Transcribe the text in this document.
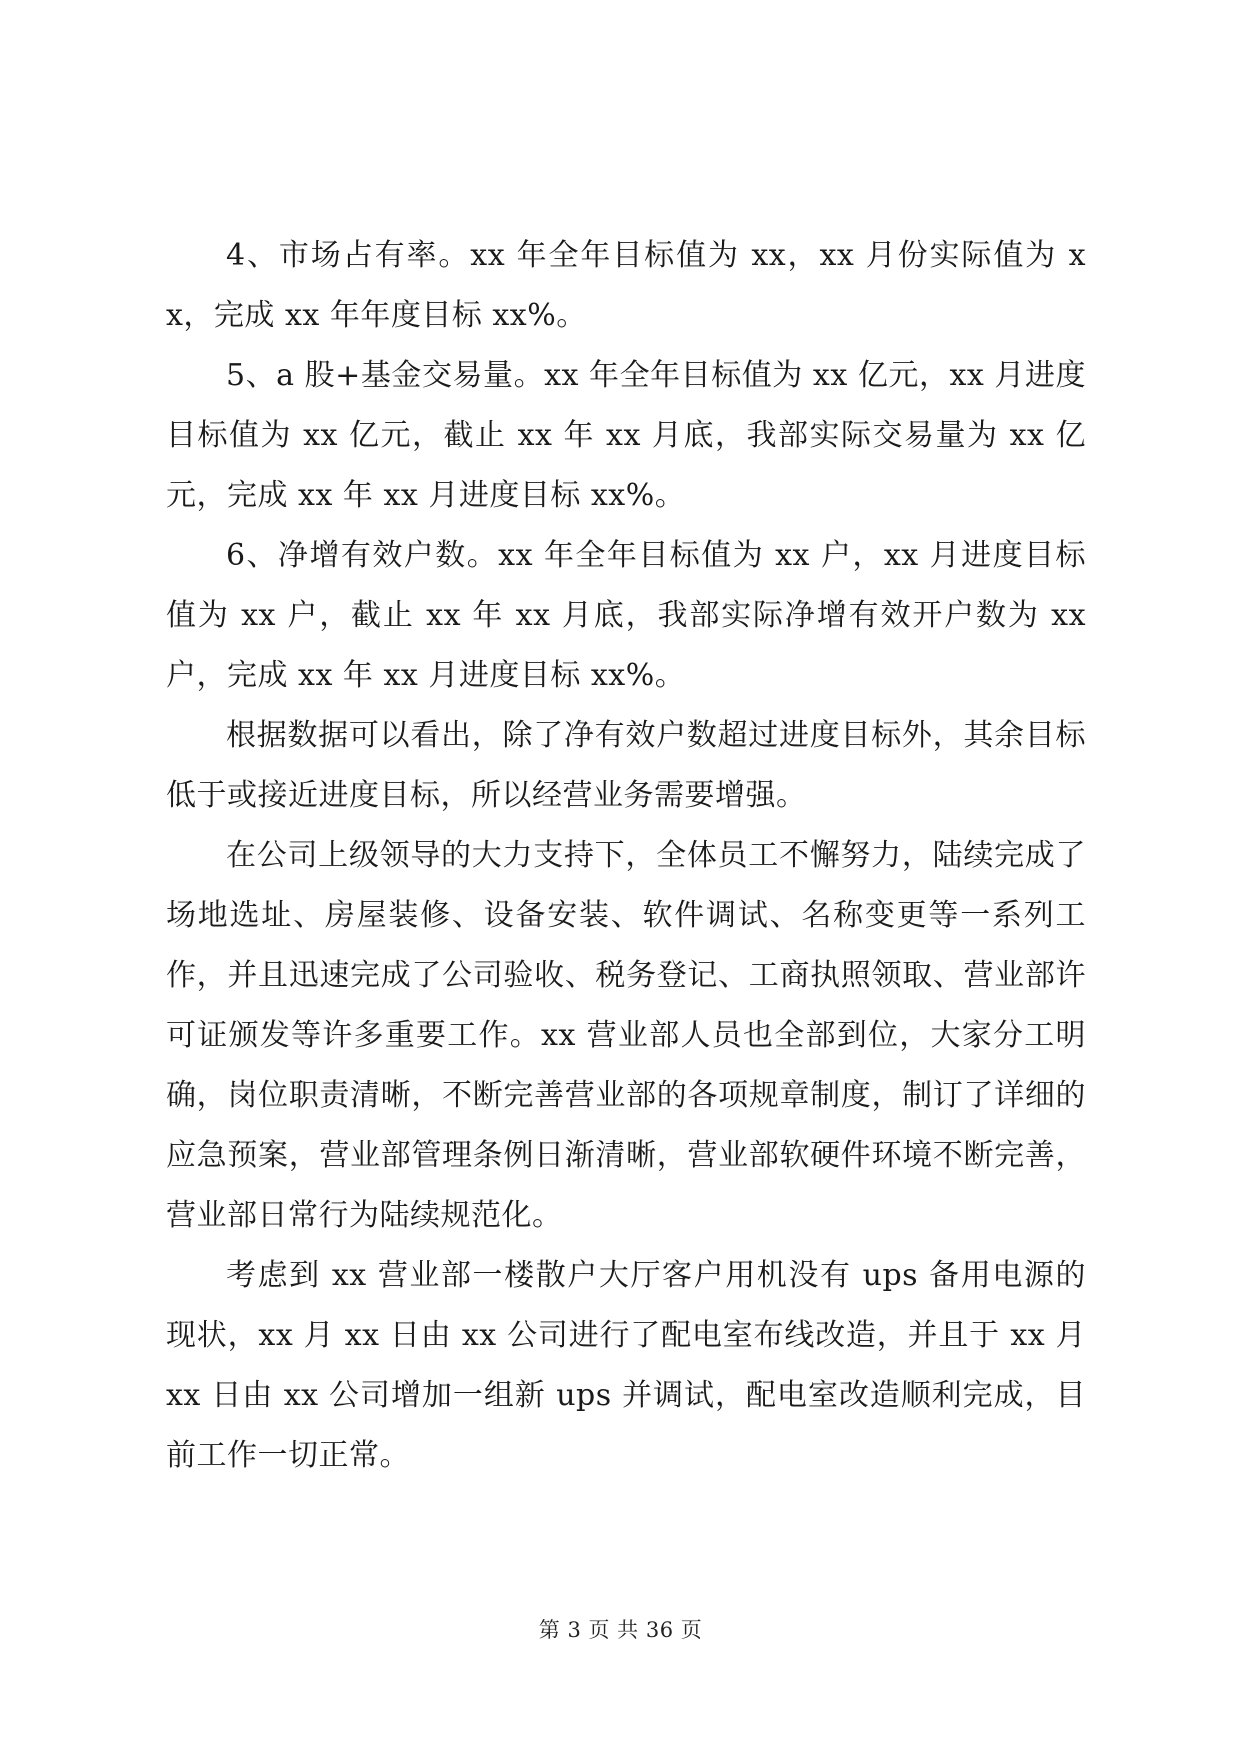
4、市场占有率。xx 年全年目标值为 xx，xx 月份实际值为 xx，完成 xx 年年度目标 xx%。

5、a 股+基金交易量。xx 年全年目标值为 xx 亿元，xx 月进度目标值为 xx 亿元，截止 xx 年 xx 月底，我部实际交易量为 xx 亿元，完成 xx 年 xx 月进度目标 xx%。

6、净增有效户数。xx 年全年目标值为 xx 户，xx 月进度目标值为 xx 户，截止 xx 年 xx 月底，我部实际净增有效开户数为 xx 户，完成 xx 年 xx 月进度目标 xx%。

根据数据可以看出，除了净有效户数超过进度目标外，其余目标低于或接近进度目标，所以经营业务需要增强。

在公司上级领导的大力支持下，全体员工不懈努力，陆续完成了场地选址、房屋装修、设备安装、软件调试、名称变更等一系列工作，并且迅速完成了公司验收、税务登记、工商执照领取、营业部许可证颁发等许多重要工作。xx 营业部人员也全部到位，大家分工明确，岗位职责清晰，不断完善营业部的各项规章制度，制订了详细的应急预案，营业部管理条例日渐清晰，营业部软硬件环境不断完善，营业部日常行为陆续规范化。

考虑到 xx 营业部一楼散户大厅客户用机没有 ups 备用电源的现状，xx 月 xx 日由 xx 公司进行了配电室布线改造，并且于 xx 月 xx 日由 xx 公司增加一组新 ups 并调试，配电室改造顺利完成，目前工作一切正常。

第 3 页 共 36 页
